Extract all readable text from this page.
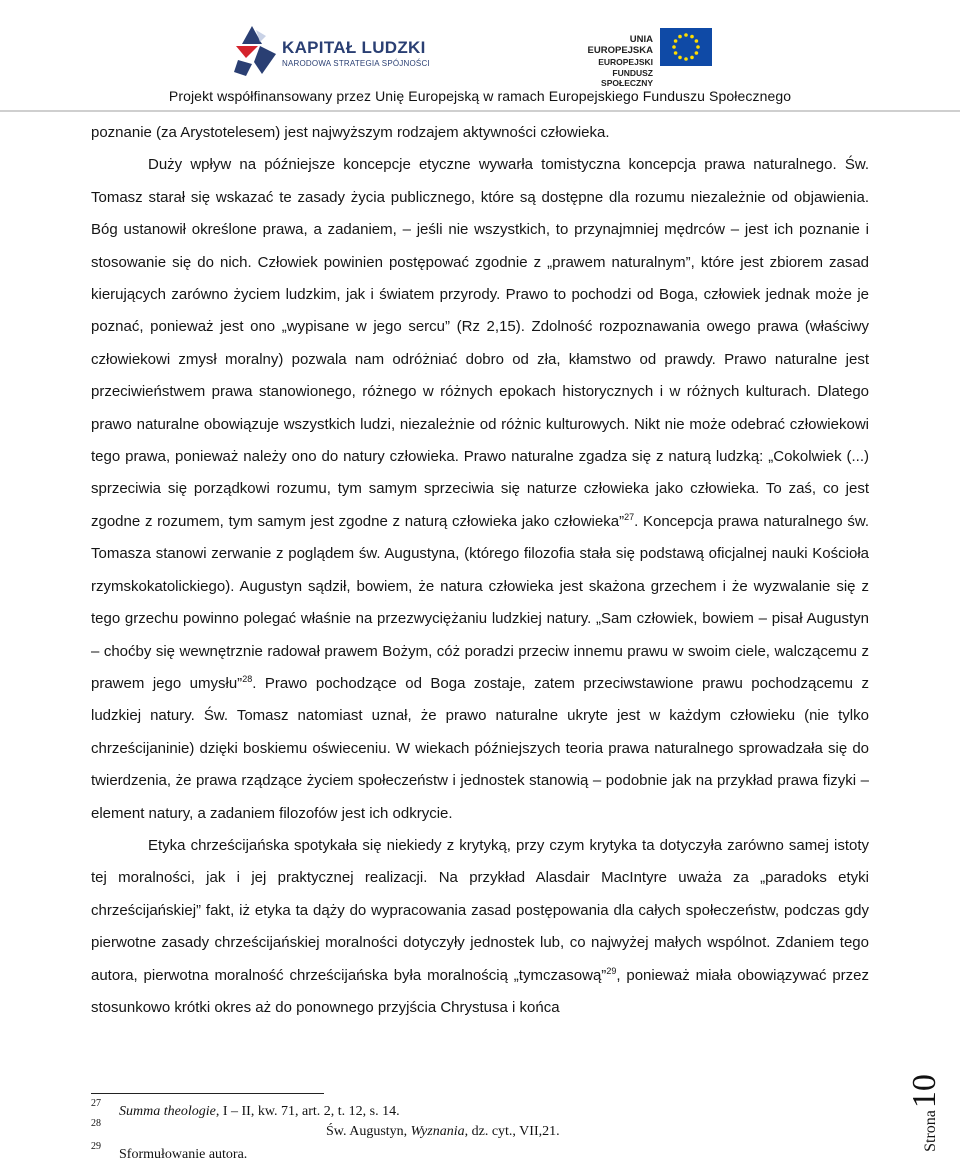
KAPITAŁ LUDZKI
NARODOWA STRATEGIA SPÓJNOŚCI
UNIA EUROPEJSKA
EUROPEJSKI
FUNDUSZ SPOŁECZNY
Projekt współfinansowany przez Unię Europejską w ramach Europejskiego Funduszu Społecznego

poznanie (za Arystotelesem) jest najwyższym rodzajem aktywności człowieka.

Duży wpływ na późniejsze koncepcje etyczne wywarła tomistyczna koncepcja prawa naturalnego. Św. Tomasz starał się wskazać te zasady życia publicznego, które są dostępne dla rozumu niezależnie od objawienia. Bóg ustanowił określone prawa, a zadaniem, – jeśli nie wszystkich, to przynajmniej mędrców – jest ich poznanie i stosowanie się do nich. Człowiek powinien postępować zgodnie z „prawem naturalnym”, które jest zbiorem zasad kierujących zarówno życiem ludzkim, jak i światem przyrody. Prawo to pochodzi od Boga, człowiek jednak może je poznać, ponieważ jest ono „wypisane w jego sercu” (Rz 2,15). Zdolność rozpoznawania owego prawa (właściwy człowiekowi zmysł moralny) pozwala nam odróżniać dobro od zła, kłamstwo od prawdy. Prawo naturalne jest przeciwieństwem prawa stanowionego, różnego w różnych epokach historycznych i w różnych kulturach. Dlatego prawo naturalne obowiązuje wszystkich ludzi, niezależnie od różnic kulturowych. Nikt nie może odebrać człowiekowi tego prawa, ponieważ należy ono do natury człowieka. Prawo naturalne zgadza się z naturą ludzką: „Cokolwiek (...) sprzeciwia się porządkowi rozumu, tym samym sprzeciwia się naturze człowieka jako człowieka. To zaś, co jest zgodne z rozumem, tym samym jest zgodne z naturą człowieka jako człowieka”$^{27}$. Koncepcja prawa naturalnego św. Tomasza stanowi zerwanie z poglądem św. Augustyna, (którego filozofia stała się podstawą oficjalnej nauki Kościoła rzymskokatolickiego). Augustyn sądził, bowiem, że natura człowieka jest skażona grzechem i że wyzwalanie się z tego grzechu powinno polegać właśnie na przezwyciężaniu ludzkiej natury. „Sam człowiek, bowiem – pisał Augustyn – choćby się wewnętrznie radował prawem Bożym, cóż poradzi przeciw innemu prawu w swoim ciele, walczącemu z prawem jego umysłu”$^{28}$. Prawo pochodzące od Boga zostaje, zatem przeciwstawione prawu pochodzącemu z ludzkiej natury. Św. Tomasz natomiast uznał, że prawo naturalne ukryte jest w każdym człowieku (nie tylko chrześcijaninie) dzięki boskiemu oświeceniu. W wiekach późniejszych teoria prawa naturalnego sprowadzała się do twierdzenia, że prawa rządzące życiem społeczeństw i jednostek stanowią – podobnie jak na przykład prawa fizyki – element natury, a zadaniem filozofów jest ich odkrycie.

Etyka chrześcijańska spotykała się niekiedy z krytyką, przy czym krytyka ta dotyczyła zarówno samej istoty tej moralności, jak i jej praktycznej realizacji. Na przykład Alasdair MacIntyre uważa za „paradoks etyki chrześcijańskiej” fakt, iż etyka ta dąży do wypracowania zasad postępowania dla całych społeczeństw, podczas gdy pierwotne zasady chrześcijańskiej moralności dotyczyły jednostek lub, co najwyżej małych wspólnot. Zdaniem tego autora, pierwotna moralność chrześcijańska była moralnością „tymczasową”$^{29}$, ponieważ miała obowiązywać przez stosunkowo krótki okres aż do ponownego przyjścia Chrystusa i końca

27
Summa theologie, I – II, kw. 71, art. 2, t. 12, s. 14.
28
Św. Augustyn, Wyznania, dz. cyt., VII,21.
29
Sformułowanie autora.
Strona10
